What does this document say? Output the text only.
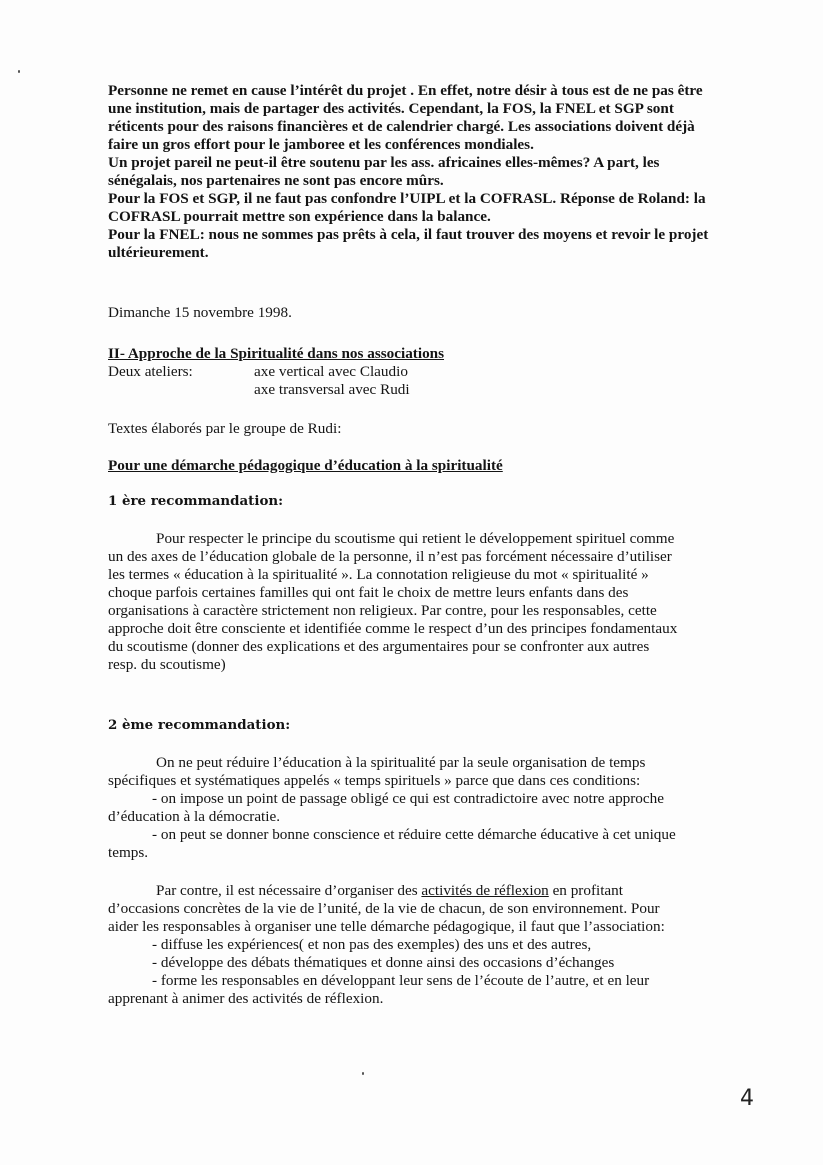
Personne ne remet en cause l’intérêt du projet . En effet, notre désir à tous est de ne pas être
une institution, mais de partager des activités. Cependant, la FOS, la FNEL et SGP sont
réticents pour des raisons financières et de calendrier chargé. Les associations doivent déjà
faire un gros effort pour le jamboree et les conférences mondiales.
Un projet pareil ne peut-il être soutenu par les ass. africaines elles-mêmes? A part, les
sénégalais, nos partenaires ne sont pas encore mûrs.
Pour la FOS et SGP, il ne faut pas confondre l’UIPL et la COFRASL. Réponse de Roland: la
COFRASL pourrait mettre son expérience dans la balance.
Pour la FNEL: nous ne sommes pas prêts à cela, il faut trouver des moyens et revoir le projet
ultérieurement.
Dimanche 15 novembre 1998.
II- Approche de la Spiritualité dans nos associations
Deux ateliers:	axe vertical avec Claudio
axe transversal avec Rudi
Textes élaborés par le groupe de Rudi:
Pour une démarche pédagogique d’éducation à la spiritualité
1 ère recommandation:
Pour respecter le principe du scoutisme qui retient le développement spirituel comme
un des axes de l’éducation globale de la personne, il n’est pas forcément nécessaire d’utiliser
les termes « éducation à la spiritualité ». La connotation religieuse du mot « spiritualité »
choque parfois certaines familles qui ont fait le choix de mettre leurs enfants dans des
organisations à caractère strictement non religieux. Par contre, pour les responsables, cette
approche doit être consciente et identifiée comme le respect d’un des principes fondamentaux
du scoutisme (donner des explications et des argumentaires pour se confronter aux autres
resp. du scoutisme)
2 ème recommandation:
On ne peut réduire l’éducation à la spiritualité par la seule organisation de temps
spécifiques et systématiques appelés « temps spirituels » parce que dans ces conditions:
- on impose un point de passage obligé ce qui est contradictoire avec notre approche
d’éducation à la démocratie.
- on peut se donner bonne conscience et réduire cette démarche éducative à cet unique
temps.
Par contre, il est nécessaire d’organiser des activités de réflexion en profitant
d’occasions concrètes de la vie de l’unité, de la vie de chacun, de son environnement. Pour
aider les responsables à organiser une telle démarche pédagogique, il faut que l’association:
- diffuse les expériences( et non pas des exemples) des uns et des autres,
- développe des débats thématiques et donne ainsi des occasions d’échanges
- forme les responsables en développant leur sens de l’écoute de l’autre, et en leur
apprenant à animer des activités de réflexion.
4
